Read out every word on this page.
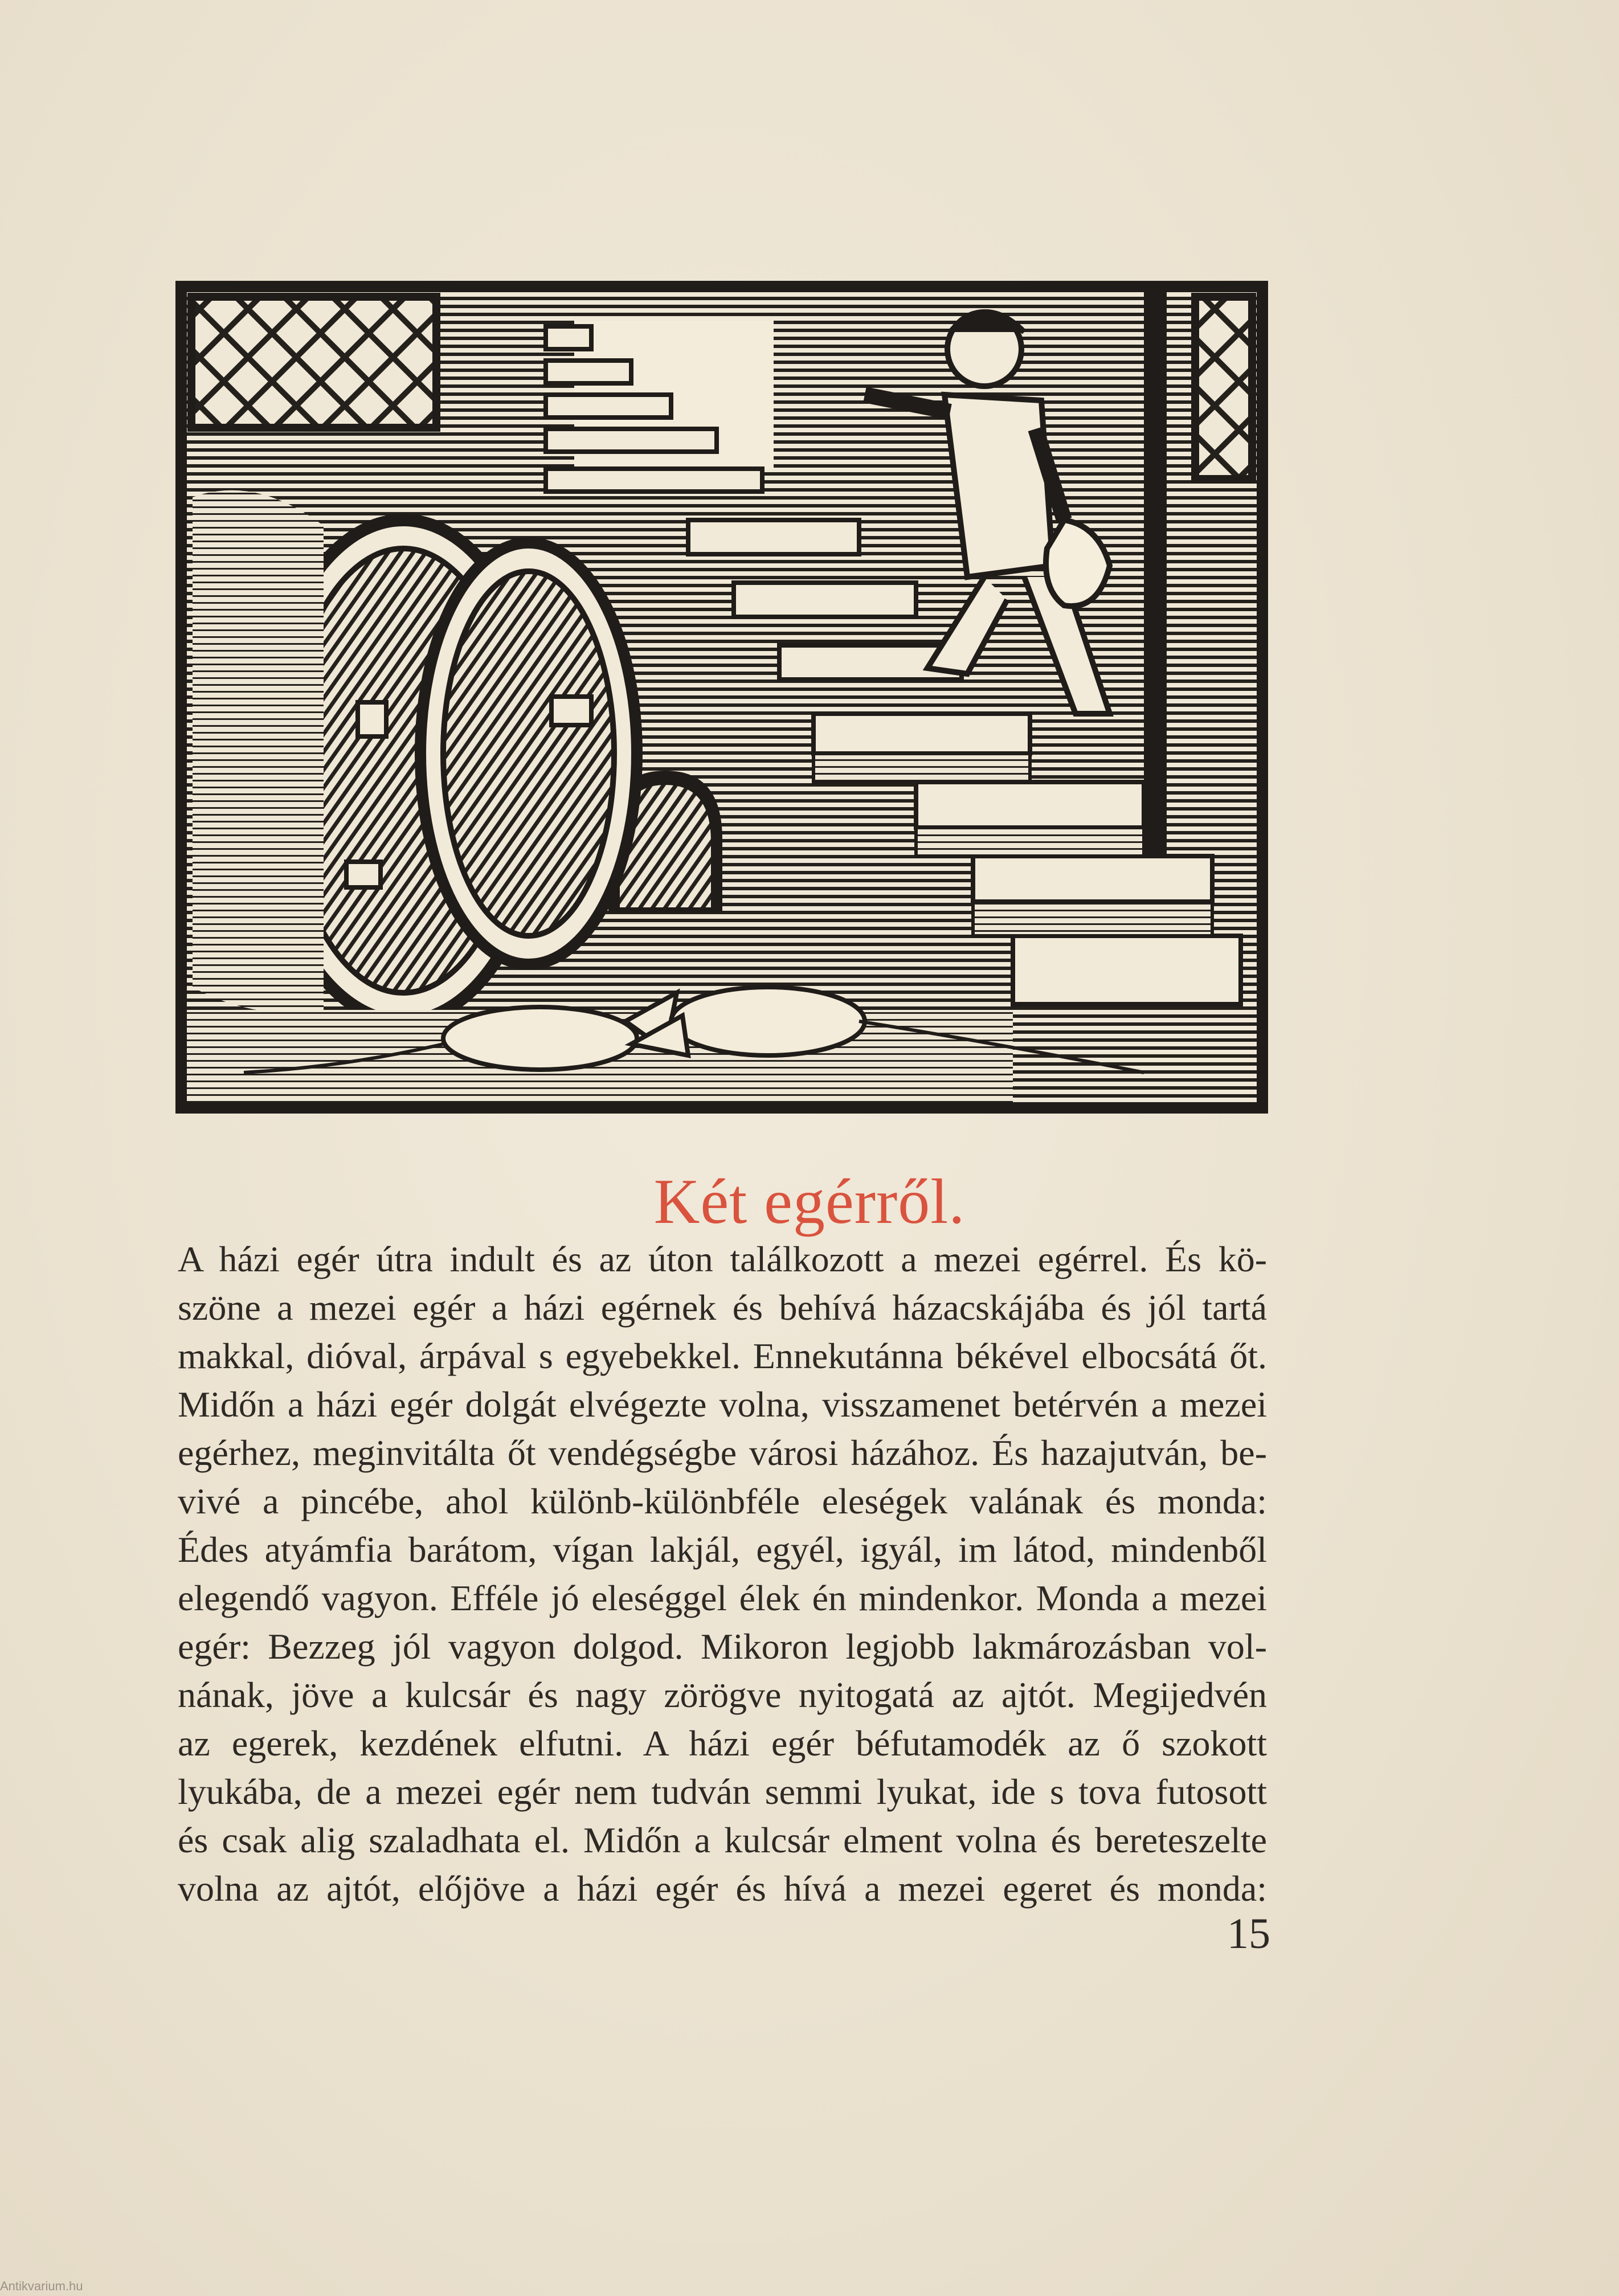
Két egérről.
A házi egér útra indult és az úton találkozott a mezei egérrel. És kö-
szöne a mezei egér a házi egérnek és behívá házacskájába és jól tartá
makkal, dióval, árpával s egyebekkel. Ennekutánna békével elbocsátá őt.
Midőn a házi egér dolgát elvégezte volna, visszamenet betérvén a mezei
egérhez, meginvitálta őt vendégségbe városi házához. És hazajutván, be-
vivé a pincébe, ahol különb-különbféle eleségek valának és monda:
Édes atyámfia barátom, vígan lakjál, egyél, igyál, im látod, mindenből
elegendő vagyon. Efféle jó eleséggel élek én mindenkor. Monda a mezei
egér: Bezzeg jól vagyon dolgod. Mikoron legjobb lakmározásban vol-
nának, jöve a kulcsár és nagy zörögve nyitogatá az ajtót. Megijedvén
az egerek, kezdének elfutni. A házi egér béfutamodék az ő szokott
lyukába, de a mezei egér nem tudván semmi lyukat, ide s tova futosott
és csak alig szaladhata el. Midőn a kulcsár elment volna és bereteszelte
volna az ajtót, előjöve a házi egér és hívá a mezei egeret és monda:
15
Antikvarium.hu
